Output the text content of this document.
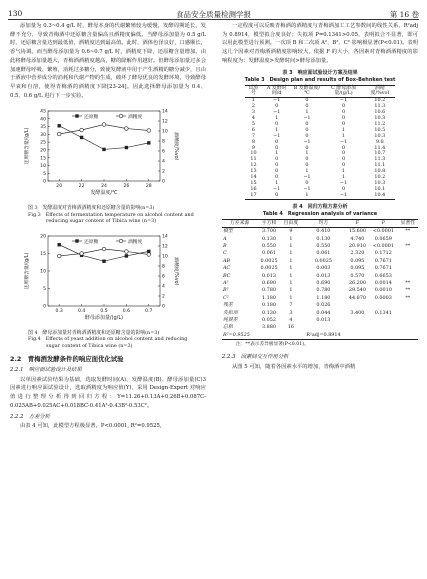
130	食品安全质量检测学报	第 16 卷

添加量为 0.3~0.4 g/L 时，酵母本身的代谢繁殖较为缓慢，发酵周期延长，发酵不充分，导致青梅酒中还原糖含量偏高且酒精度偏低。当酵母添加量为 0.5 g/L 时，还原糖含量达到最低值，酒精度达到最高值。此时，酒体色泽良好，口感顺长，香气协调。而当酵母添加量为 0.6~0.7 g/L 时，酒精度下降，还原糖含量增加。由此将酵母添加量越大，青梅酒酒精度越高，糖的降解作用越好。但酵母添加量过多会加速酵母呼吸、繁殖，消耗过多糖分，致使发酵液中用于产生酒精的糖分减少，且由于酒液中营养成分的消耗和代谢产物的生成，破坏了酵母优良的发酵环境，导致酵母早衰和自溶，使得青梅酒的酒精度下降[23-24]。因此选择酵母添加量为 0.4、0.5、0.6 g/L 进行下一步实验。

0
5
10
15
20
25
30
35
40
45
0
2
4
6
8
10
12
14
20	22	24	26	28
发酵温度/℃
还原糖含量/(g/L)	酒精度/%vol
还原糖	酒精度
图 3　发酵温度对青梅酒酒精度和还原糖含量的影响(n=3)
Fig.3　Effects of fermentation temperature on alcohol content and
reducing sugar content of Tibica wine (n=3)
0
5
10
15
20
0
2
4
6
8
10
12
14
0.3	0.4	0.5	0.6	0.7
酵母添加量/(g/L)
还原糖含量/(g/L)	酒精度/%vol
还原糖	酒精度
图 4　酵母添加量对青梅酒酒精度和还原糖含量的影响(n=3)
Fig.4　Effects of yeast addition on alcohol content and reducing
sugar content of Tibica wine (n=3)
2.2　青梅酒发酵条件的响应面优化试验
2.2.1　响应面试验设计及结果

以单因素试验结果为基础，选取发酵时间(A)、发酵温度(B)、酵母添加量(C)3 因素进行响应面试验设计，选取酒精度为响应值(Y)，采用 Design-Expert 对响应值进行整理分析得到回归方程：Y=11.26+0.13A+0.26B+0.087C-0.025AB+0.025AC+0.018BC-0.41A²-0.43B²-0.53C²。

2.2.2　方差分析

由表 4 可知，此模型方程极显著，P<0.0001, R²=0.9525,

一定程度可以反映青梅酒的酒精度与青梅酒加工工艺参数间的线性关系，R²adj 为 0.8914，模型拟合度良好；失拟项 P=0.1341>0.05，表明拟合不显著，即可以用此模型进行预测。一次项 B 和二次项 A²、B²、C² 影响极显著(P<0.01)。表明这几个因素对青梅酒酒精度影响较大，依据 F 的大小，各因素对青梅酒酒精度的影响程度为：发酵温度>发酵时间>酵母添加量。

表 3　响应面试验设计方案及结果
Table 3　Design plan and results of Box-Behnken test
试验号	A 发酵时间/d	B 发酵温度/℃	C 酵母添加量/(g/L)	酒精度/%vol
1	−1	0	−1	10.2
2	0	0	0	11.3
3	−1	1	0	10.6
4	1	−1	0	10.3
5	0	0	0	11.2
6	1	0	1	10.5
7	−1	0	1	10.3
8	0	−1	−1	9.8
9	0	0	0	11.4
10	1	1	0	10.7
11	0	0	0	11.3
12	0	0	0	11.1
13	0	1	1	10.8
14	0	−1	1	10.2
15	1	0	−1	10.3
16	−1	−1	0	10.1
17	0	1	−1	10.4
表 4　回归方程方差分析
Table 4　Regression analysis of variance
方差来源	平方和	自由度	均方	F	P	显著性
模型	3.700	9	0.410	15.600	<0.0001	**
A	0.130	1	0.130	4.740	0.0659	
B	0.550	1	0.550	20.910	<0.0001	**
C	0.061	1	0.061	2.320	0.1712	
AB	0.0025	1	0.0025	0.095	0.7671	
AC	0.0025	1	0.003	0.095	0.7671	
BC	0.013	1	0.013	0.570	0.6653	
A²	0.690	1	0.690	26.200	0.0014	**
B²	0.780	1	0.780	29.540	0.0010	**
C²	1.180	1	1.180	44.870	0.0003	**
残差	0.180	7	0.026			
失拟项	0.130	3	0.044	3.400	0.1341	
纯误差	0.052	4	0.013			
总和	3.880	16				
R²=0.9525			R²adj=0.8914			
注：**表示差异极显著(P<0.01)。
2.2.3　因素间交互作用分析

从图 5 可知，随着各因素水平的增加，青梅酒中酒精
